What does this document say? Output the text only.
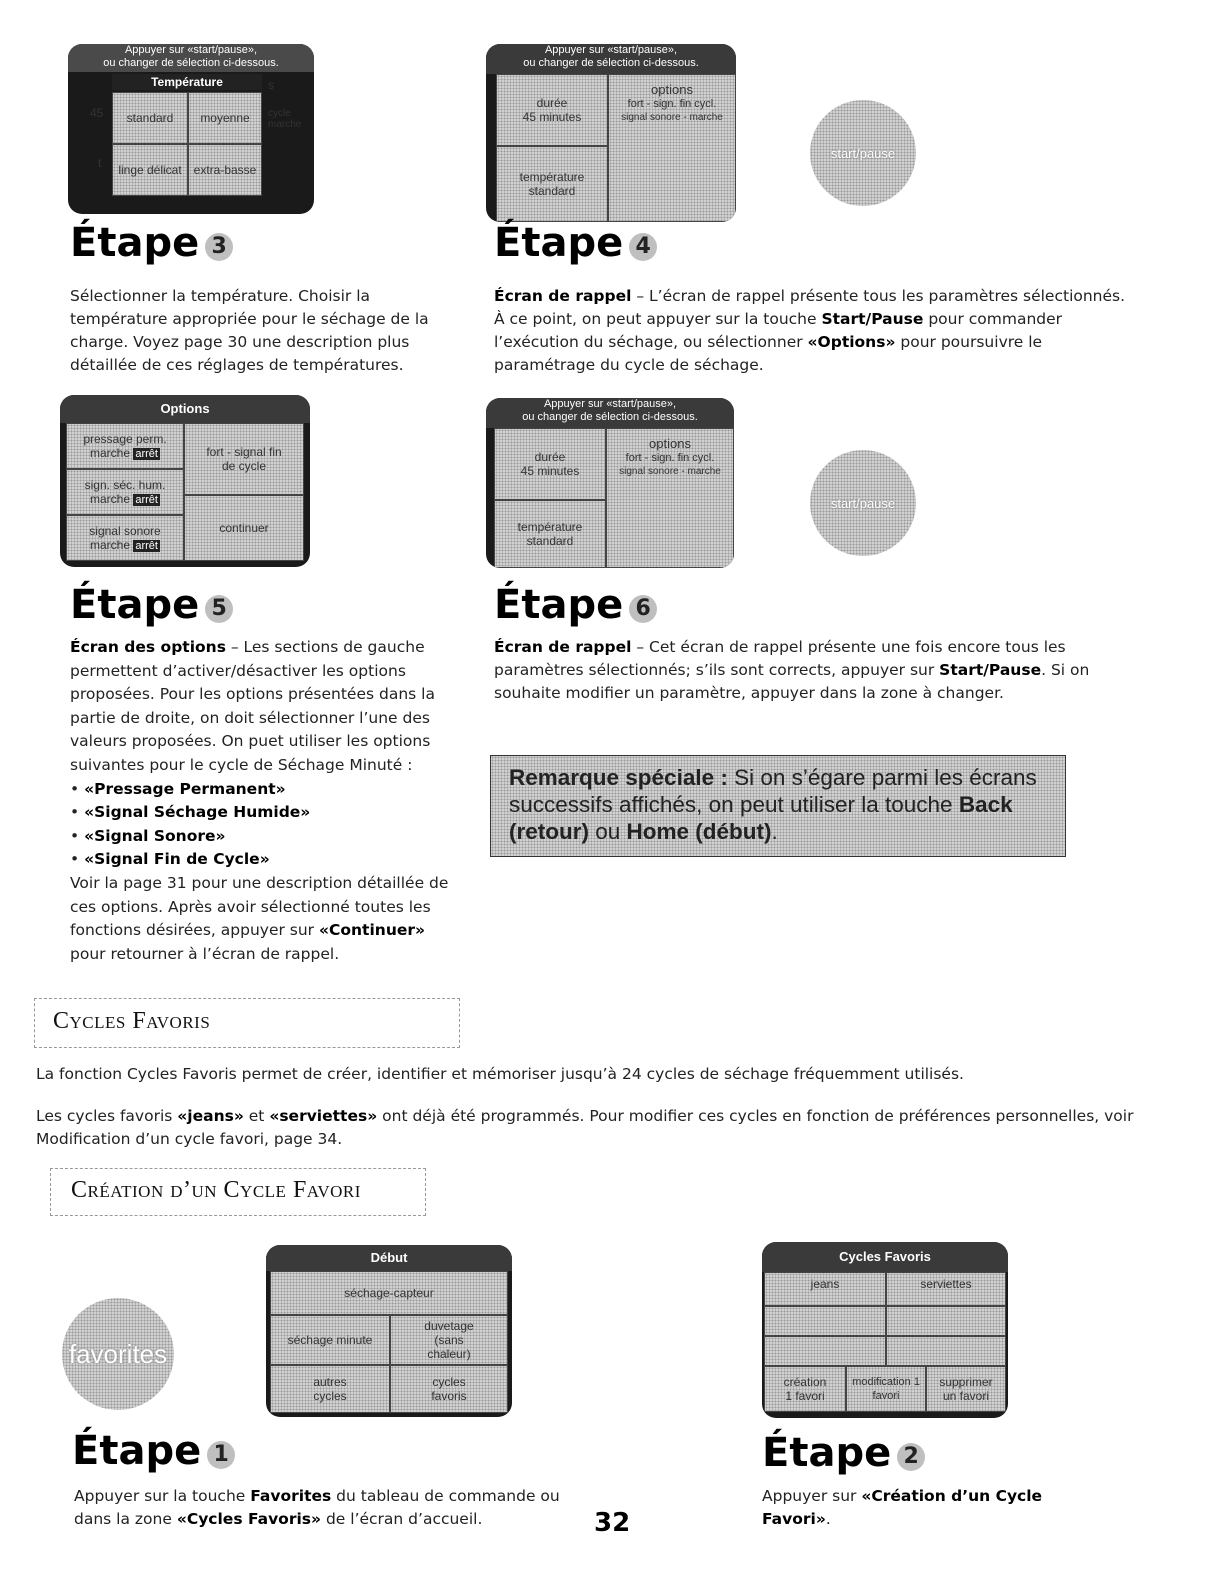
Appuyer sur «start/pause»,
ou changer de sélection ci-dessous.
Température
45
t
s
cycle marche
standard	moyenne
linge délicat extra-basse
Étape 3

Sélectionner la température. Choisir la température appropriée pour le séchage de la charge. Voyez page 30 une description plus détaillée de ces réglages de températures.

Appuyer sur «start/pause»,
ou changer de sélection ci-dessous.
durée
45 minutes
options
fort - sign. fin cycl.
signal sonore - marche
température
standard
start/pause
Étape 4

Écran de rappel – L’écran de rappel présente tous les paramètres sélectionnés. À ce point, on peut appuyer sur la touche Start/Pause pour commander l’exécution du séchage, ou sélectionner «Options» pour poursuivre le paramétrage du cycle de séchage.

Options
pressage perm.
marche arrêt
sign. séc. hum.
marche arrêt
signal sonore
marche arrêt
fort - signal fin de cycle
continuer
Étape 5

Écran des options – Les sections de gauche permettent d’activer/désactiver les options proposées. Pour les options présentées dans la partie de droite, on doit sélectionner l’une des valeurs proposées. On puet utiliser les options suivantes pour le cycle de Séchage Minuté :

• «Pressage Permanent»
• «Signal Séchage Humide»
• «Signal Sonore»
• «Signal Fin de Cycle»

Voir la page 31 pour une description détaillée de ces options. Après avoir sélectionné toutes les fonctions désirées, appuyer sur «Continuer» pour retourner à l’écran de rappel.

Appuyer sur «start/pause»,
ou changer de sélection ci-dessous.
durée
45 minutes
options
fort - sign. fin cycl.
signal sonore - marche
température
standard
start/pause
Étape 6

Écran de rappel – Cet écran de rappel présente une fois encore tous les paramètres sélectionnés; s’ils sont corrects, appuyer sur Start/Pause. Si on souhaite modifier un paramètre, appuyer dans la zone à changer.

Remarque spéciale : Si on s’égare parmi les écrans successifs affichés, on peut utiliser la touche Back (retour) ou Home (début).
Cycles Favoris

La fonction Cycles Favoris permet de créer, identifier et mémoriser jusqu’à 24 cycles de séchage fréquemment utilisés.

Les cycles favoris «jeans» et «serviettes» ont déjà été programmés. Pour modifier ces cycles en fonction de préférences personnelles, voir Modification d’un cycle favori, page 34.

Création d’un Cycle Favori
favorites
Début
séchage-capteur
séchage minute
duvetage (sans chaleur)
autres cycles
cycles favoris
Étape 1

Appuyer sur la touche Favorites du tableau de commande ou dans la zone «Cycles Favoris» de l’écran d’accueil.

Cycles Favoris
jeans	serviettes
création 1 favori
modification 1 favori
supprimer un favori
Étape 2

Appuyer sur «Création d’un Cycle Favori».

32
